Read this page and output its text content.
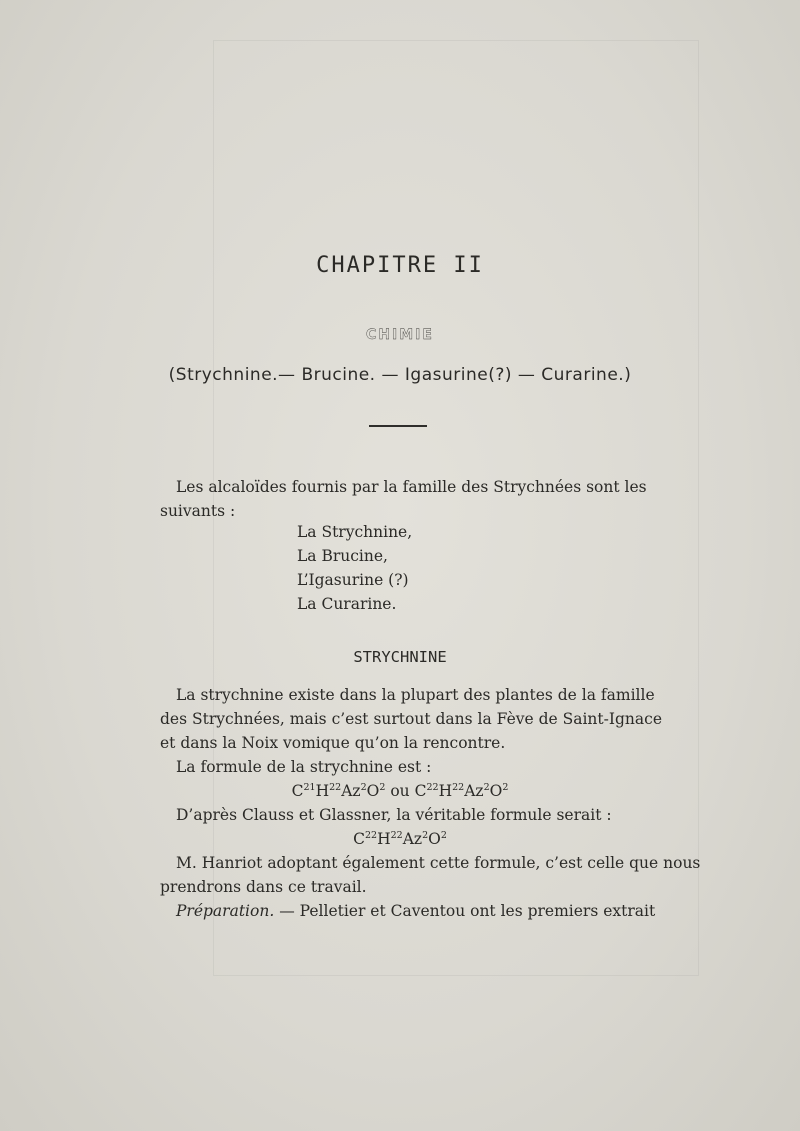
CHAPITRE II
CHIMIE
(Strychnine.— Brucine. — Igasurine(?) — Curarine.)
Les alcaloïdes fournis par la famille des Strychnées sont les
suivants :
La Strychnine,
La Brucine,
L’Igasurine (?)
La Curarine.
STRYCHNINE
La strychnine existe dans la plupart des plantes de la famille
des Strychnées, mais c’est surtout dans la Fève de Saint-Ignace
et dans la Noix vomique qu’on la rencontre.
La formule de la strychnine est :
$C^{21}H^{22}Az^2O^2$ ou $C^{22}H^{22}Az^2O^2$
D’après Clauss et Glassner, la véritable formule serait :
$C^{22}H^{22}Az^2O^2$
M. Hanriot adoptant également cette formule, c’est celle que nous
prendrons dans ce travail.
Préparation. — Pelletier et Caventou ont les premiers extrait
